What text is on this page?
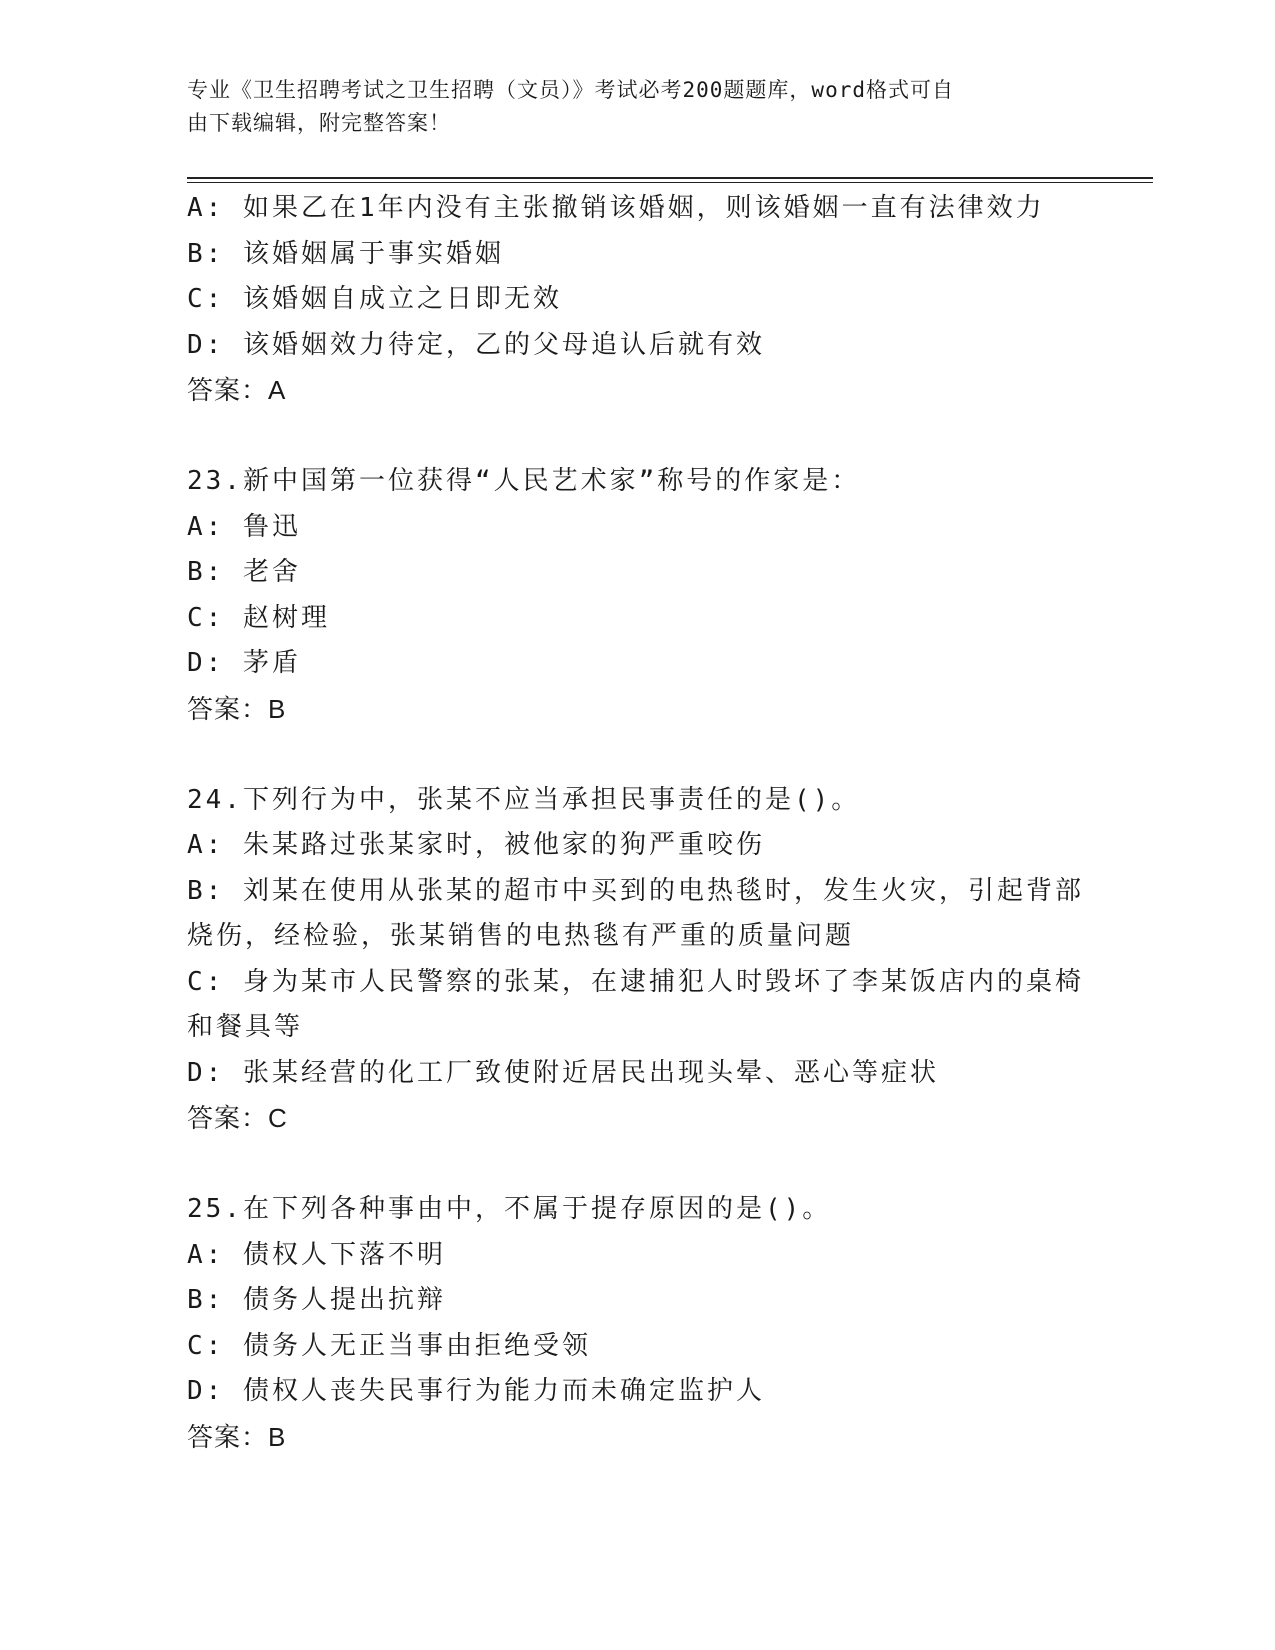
专业《卫生招聘考试之卫生招聘（文员）》考试必考200题题库，word格式可自
由下载编辑，附完整答案！
A: 如果乙在1年内没有主张撤销该婚姻，则该婚姻一直有法律效力
B: 该婚姻属于事实婚姻
C: 该婚姻自成立之日即无效
D: 该婚姻效力待定，乙的父母追认后就有效
答案：A
23.新中国第一位获得“人民艺术家”称号的作家是：
A: 鲁迅
B: 老舍
C: 赵树理
D: 茅盾
答案：B
24.下列行为中，张某不应当承担民事责任的是()。
A: 朱某路过张某家时，被他家的狗严重咬伤
B: 刘某在使用从张某的超市中买到的电热毯时，发生火灾，引起背部
烧伤，经检验，张某销售的电热毯有严重的质量问题
C: 身为某市人民警察的张某，在逮捕犯人时毁坏了李某饭店内的桌椅
和餐具等
D: 张某经营的化工厂致使附近居民出现头晕、恶心等症状
答案：C
25.在下列各种事由中，不属于提存原因的是()。
A: 债权人下落不明
B: 债务人提出抗辩
C: 债务人无正当事由拒绝受领
D: 债权人丧失民事行为能力而未确定监护人
答案：B
